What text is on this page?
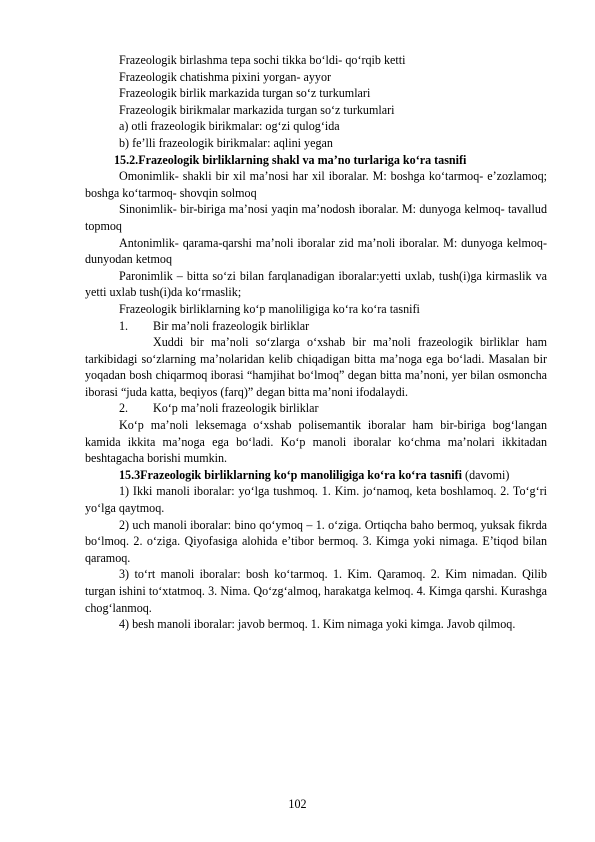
Frazeologik birlashma tepa sochi tikka bo‘ldi- qo‘rqib ketti

Frazeologik chatishma pixini yorgan- ayyor

Frazeologik birlik markazida turgan so‘z turkumlari

Frazeologik birikmalar markazida turgan so‘z turkumlari

a) otli frazeologik birikmalar: og‘zi qulog‘ida

b) fe’lli frazeologik birikmalar: aqlini yegan

15.2.Frazeologik birliklarning shakl va ma’no turlariga ko‘ra tasnifi

Omonimlik- shakli bir xil ma’nosi har xil iboralar. M: boshga ko‘tarmoq- e’zozlamoq; boshga ko‘tarmoq- shovqin solmoq

Sinonimlik- bir-biriga ma’nosi yaqin ma’nodosh iboralar. M: dunyoga kelmoq- tavallud topmoq

Antonimlik- qarama-qarshi ma’noli iboralar zid ma’noli iboralar. M: dunyoga kelmoq- dunyodan ketmoq

Paronimlik – bitta so‘zi bilan farqlanadigan iboralar:yetti uxlab, tush(i)ga kirmaslik va yetti uxlab tush(i)da ko‘rmaslik;

Frazeologik birliklarning ko‘p manoliligiga ko‘ra ko‘ra tasnifi

1. Bir ma’noli frazeologik birliklar

Xuddi bir ma’noli so‘zlarga o‘xshab bir ma’noli frazeologik birliklar ham tarkibidagi so‘zlarning ma’nolaridan kelib chiqadigan bitta ma’noga ega bo‘ladi. Masalan bir yoqadan bosh chiqarmoq iborasi “hamjihat bo‘lmoq” degan bitta ma’noni, yer bilan osmoncha iborasi “juda katta, beqiyos (farq)” degan bitta ma’noni ifodalaydi.

2. Ko‘p ma’noli frazeologik birliklar

Ko‘p ma’noli leksemaga o‘xshab polisemantik iboralar ham bir-biriga bog‘langan kamida ikkita ma’noga ega bo‘ladi. Ko‘p manoli iboralar ko‘chma ma’nolari ikkitadan beshtagacha borishi mumkin.

15.3Frazeologik birliklarning ko‘p manoliligiga ko‘ra ko‘ra tasnifi (davomi)

1) Ikki manoli iboralar: yo‘lga tushmoq. 1. Kim. jo‘namoq, keta boshlamoq. 2. To‘g‘ri yo‘lga qaytmoq.

2) uch manoli iboralar: bino qo‘ymoq – 1. o‘ziga. Ortiqcha baho bermoq, yuksak fikrda bo‘lmoq. 2. o‘ziga. Qiyofasiga alohida e’tibor bermoq. 3. Kimga yoki nimaga. E’tiqod bilan qaramoq.

3) to‘rt manoli iboralar: bosh ko‘tarmoq. 1. Kim. Qaramoq. 2. Kim nimadan. Qilib turgan ishini to‘xtatmoq. 3. Nima. Qo‘zg‘almoq, harakatga kelmoq. 4. Kimga qarshi. Kurashga chog‘lanmoq.

4) besh manoli iboralar: javob bermoq. 1. Kim nimaga yoki kimga. Javob qilmoq.

102
